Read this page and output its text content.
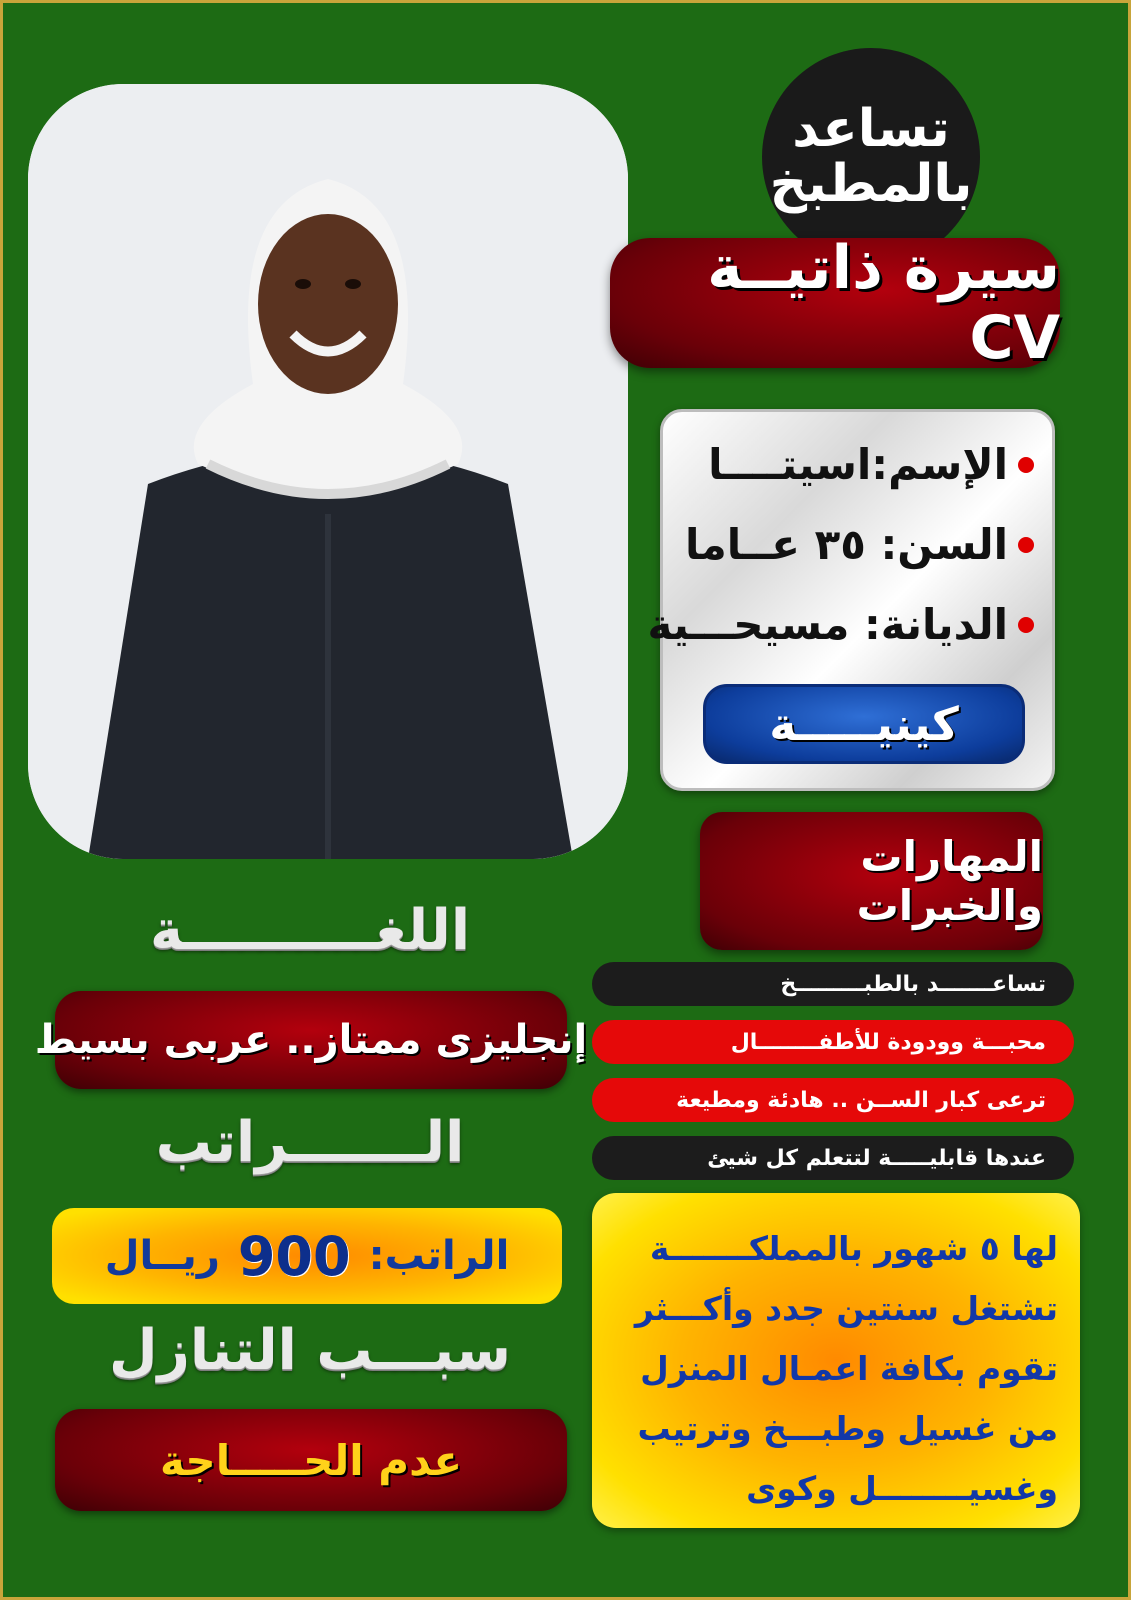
تساعد
بالمطبخ
سيرة ذاتيــة CV
الإسم:اسيتــــا
السن: ٣٥ عــاما
الديانة: مسيحـــية
كينيـــــة
المهارات والخبرات
تساعـــــــد بالطبـــــــــخ
محبـــة وودودة للأطفــــــــال
ترعى كبار الســن .. هادئة ومطيعة
عندها قابليـــــة لتتعلم كل شيئ
لها ٥ شهور بالمملكـــــــة
تشتغل سنتين جدد وأكـــثر
تقوم بكافة اعمـال المنزل
من غسيل وطبـــخ وترتيب
وغسيــــــــل وكوى
اللغــــــــــة
إنجليزى ممتاز.. عربى بسيط
الـــــــراتب
الراتب:
900
ريــال
سبـــب التنازل
عدم الحـــــاجة
